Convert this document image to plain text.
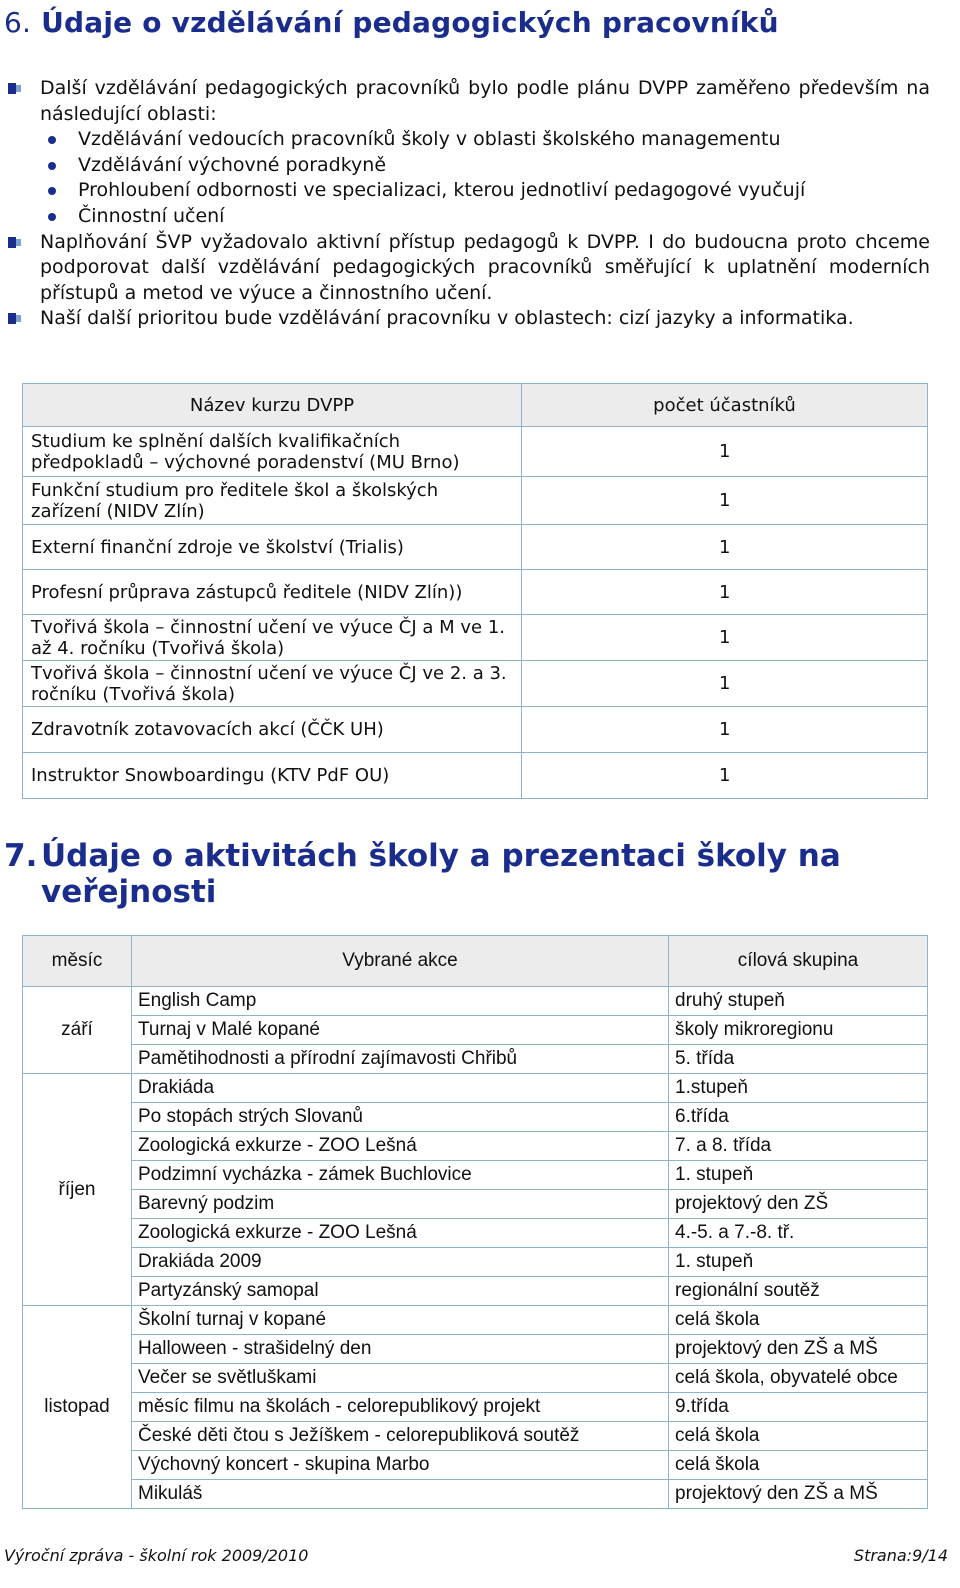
6. Údaje o vzdělávání pedagogických pracovníků
Další vzdělávání pedagogických pracovníků bylo podle plánu DVPP zaměřeno především na následující oblasti:
Vzdělávání vedoucích pracovníků školy v oblasti školského managementu
Vzdělávání výchovné poradkyně
Prohloubení odbornosti ve specializaci, kterou jednotliví pedagogové vyučují
Činnostní učení
Naplňování ŠVP vyžadovalo aktivní přístup pedagogů k DVPP. I do budoucna proto chceme podporovat další vzdělávání pedagogických pracovníků směřující k uplatnění moderních přístupů a metod ve výuce a činnostního učení.
Naší další prioritou bude vzdělávání pracovníku v oblastech: cizí jazyky a informatika.
Název kurzu DVPP	počet účastníků
Studium ke splnění dalších kvalifikačních předpokladů – výchovné poradenství (MU Brno)	1
Funkční studium pro ředitele škol a školských zařízení (NIDV Zlín)	1
Externí finanční zdroje ve školství (Trialis)	1
Profesní průprava zástupců ředitele (NIDV Zlín))	1
Tvořivá škola – činnostní učení ve výuce ČJ a M ve 1. až 4. ročníku (Tvořivá škola)	1
Tvořivá škola – činnostní učení ve výuce ČJ ve 2. a 3. ročníku (Tvořivá škola)	1
Zdravotník zotavovacích akcí (ČČK UH)	1
Instruktor Snowboardingu (KTV PdF OU)	1
7. Údaje o aktivitách školy a prezentaci školy na
veřejnosti
měsíc	Vybrané akce	cílová skupina
září	English Camp	druhý stupeň
	Turnaj v Malé kopané	školy mikroregionu
	Pamětihodnosti a přírodní zajímavosti Chřibů	5. třída
říjen	Drakiáda	1.stupeň
	Po stopách strých Slovanů	6.třída
	Zoologická exkurze - ZOO Lešná	7. a 8. třída
	Podzimní vycházka - zámek Buchlovice	1. stupeň
	Barevný podzim	projektový den ZŠ
	Zoologická exkurze - ZOO Lešná	4.-5. a 7.-8. tř.
	Drakiáda 2009	1. stupeň
	Partyzánský samopal	regionální soutěž
listopad	Školní turnaj v kopané	celá škola
	Halloween - strašidelný den	projektový den ZŠ a MŠ
	Večer se světluškami	celá škola, obyvatelé obce
	měsíc filmu na školách - celorepublikový projekt	9.třída
	České děti čtou s Ježíškem - celorepubliková soutěž	celá škola
	Výchovný koncert - skupina Marbo	celá škola
	Mikuláš	projektový den ZŠ a MŠ
Výroční zpráva - školní rok 2009/2010	Strana:9/14
